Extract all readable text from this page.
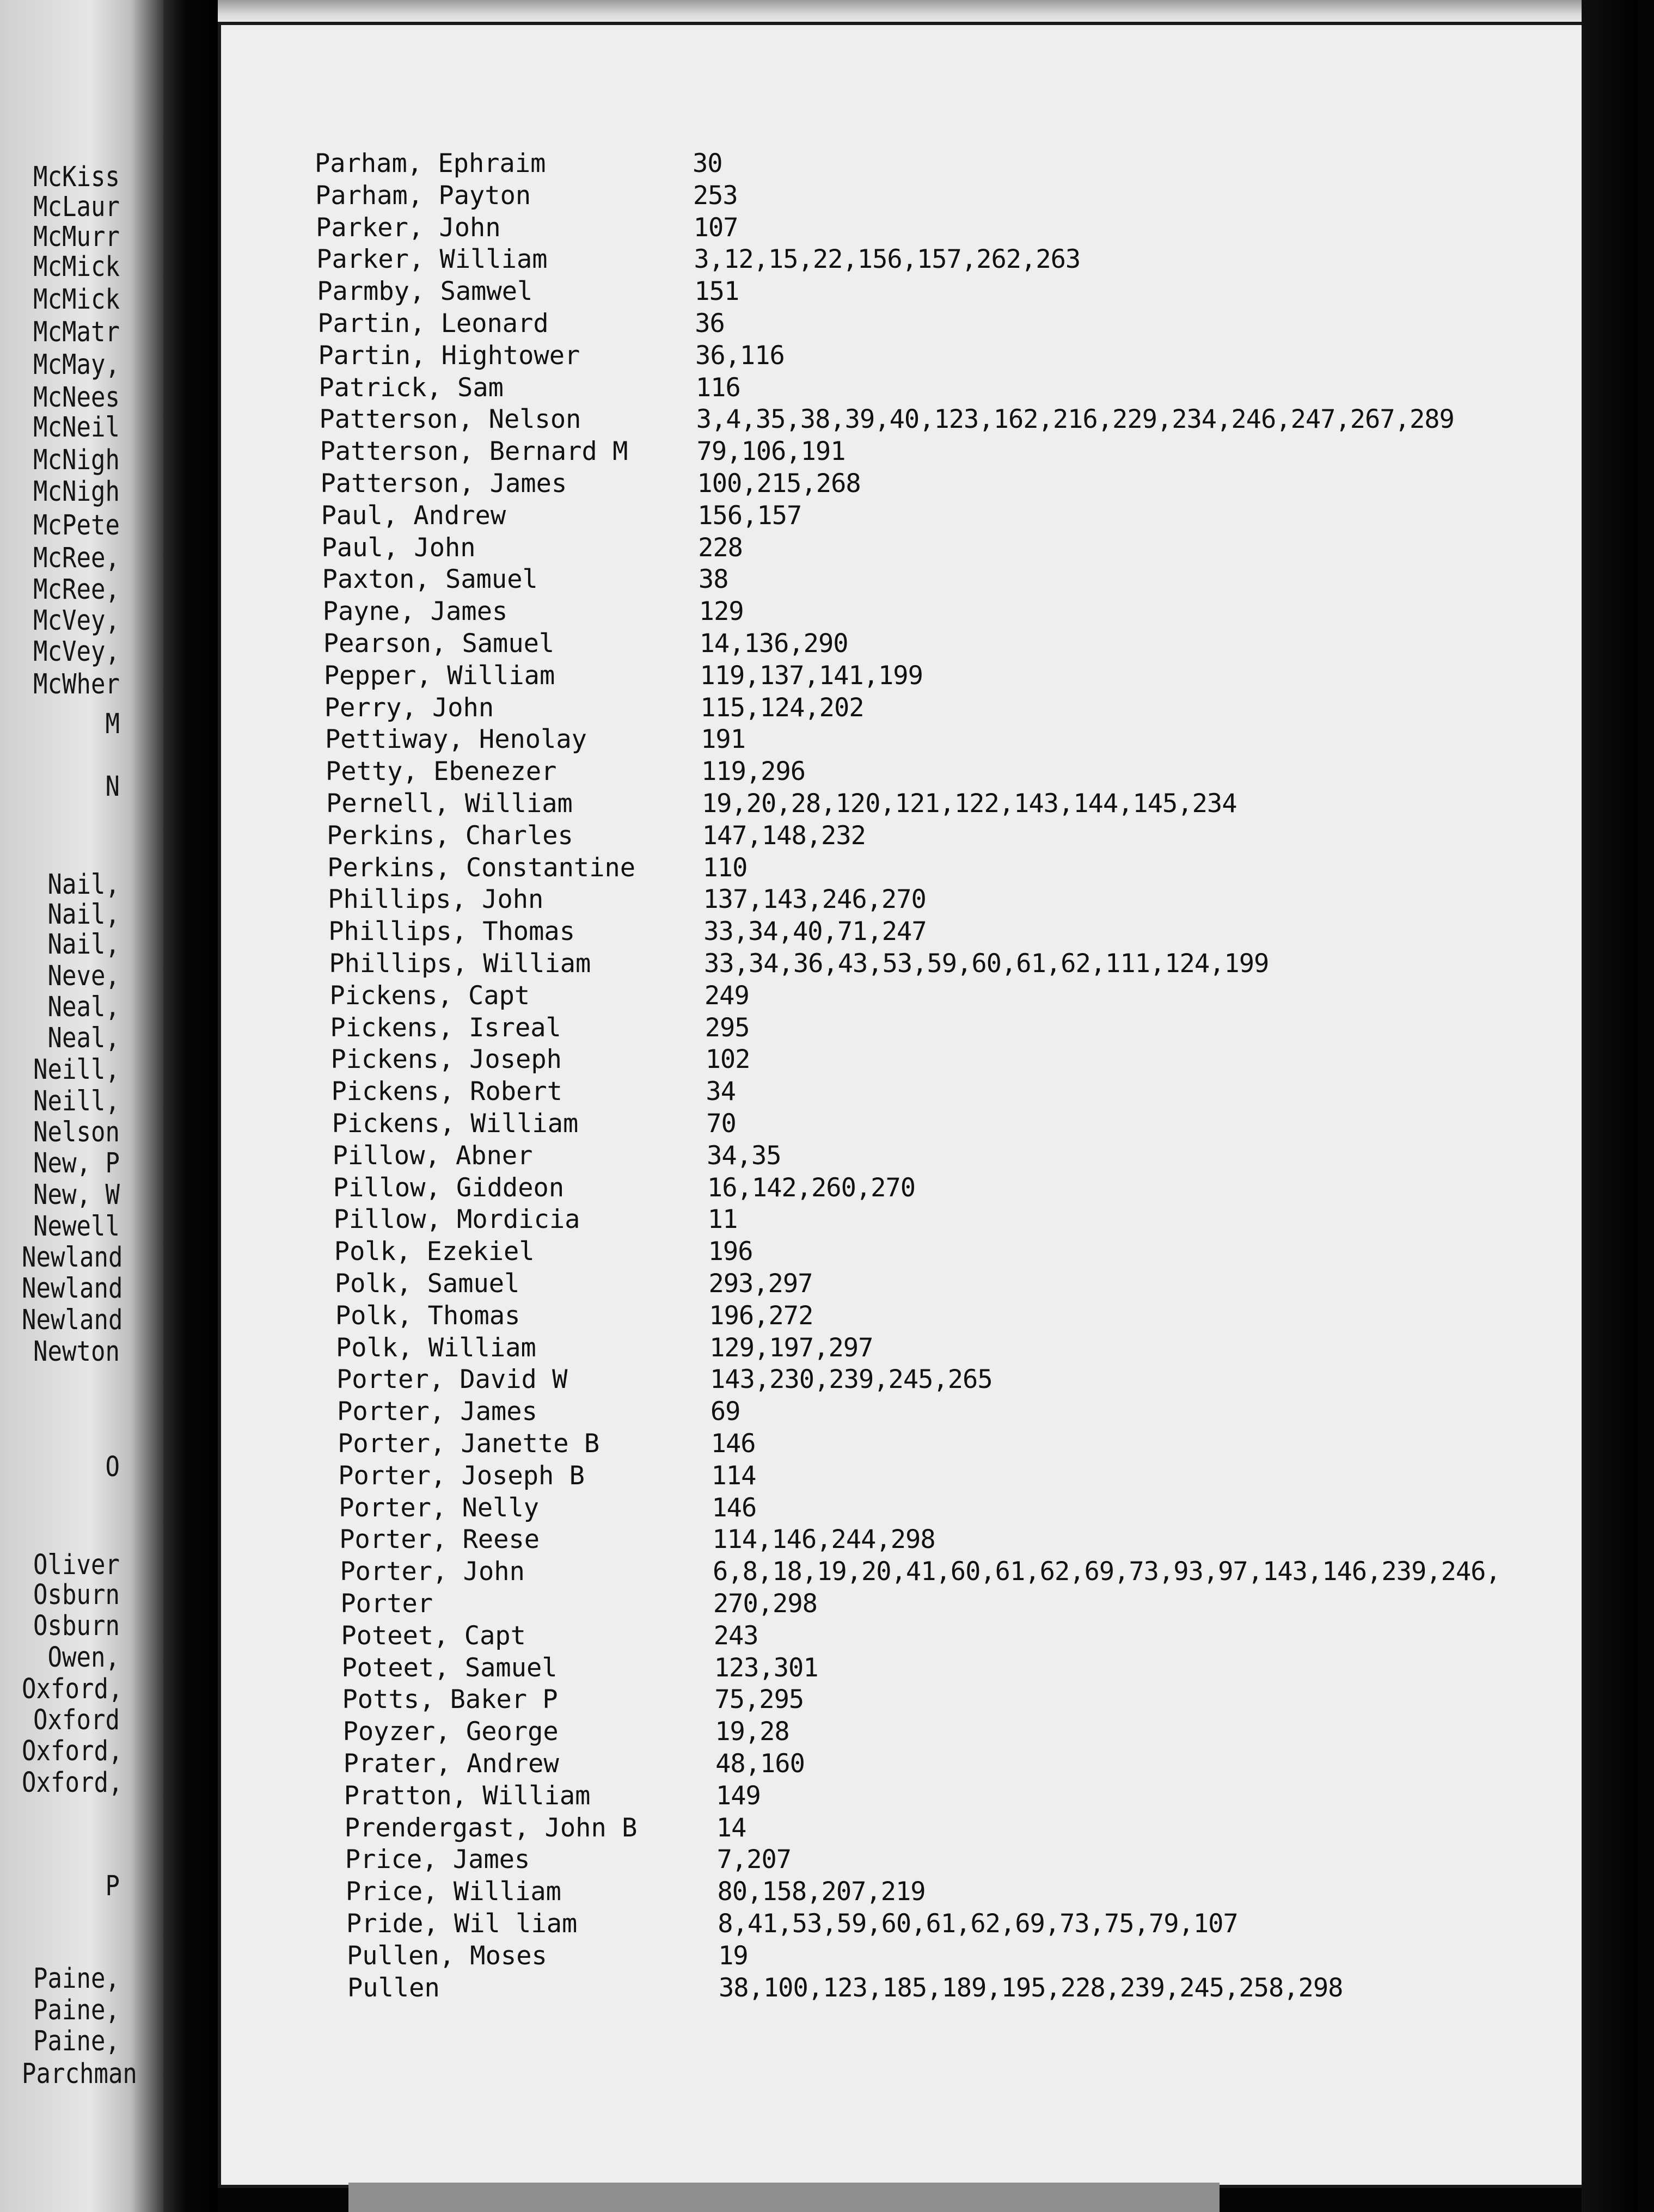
McKiss
McLaur
McMurr
McMick
McMick
McMatr
McMay,
McNees
McNeil
McNigh
McNigh
McPete
McRee,
McRee,
McVey,
McVey,
McWher
M
N
Nail,
Nail,
Nail,
Neve,
Neal,
Neal,
Neill,
Neill,
Nelson
New, P
New, W
Newell
Newland
Newland
Newland
Newton
O
Oliver
Osburn
Osburn
Owen,
Oxford,
Oxford
Oxford,
Oxford,
P
Paine,
Paine,
Paine,
Parchman
Parham, Ephraim	30
Parham, Payton	253
Parker, John	107
Parker, William	3,12,15,22,156,157,262,263
Parmby, Samwel	151
Partin, Leonard	36
Partin, Hightower	36,116
Patrick, Sam	116
Patterson, Nelson	3,4,35,38,39,40,123,162,216,229,234,246,247,267,289
Patterson, Bernard M	79,106,191
Patterson, James	100,215,268
Paul, Andrew	156,157
Paul, John	228
Paxton, Samuel	38
Payne, James	129
Pearson, Samuel	14,136,290
Pepper, William	119,137,141,199
Perry, John	115,124,202
Pettiway, Henolay	191
Petty, Ebenezer	119,296
Pernell, William	19,20,28,120,121,122,143,144,145,234
Perkins, Charles	147,148,232
Perkins, Constantine	110
Phillips, John	137,143,246,270
Phillips, Thomas	33,34,40,71,247
Phillips, William	33,34,36,43,53,59,60,61,62,111,124,199
Pickens, Capt	249
Pickens, Isreal	295
Pickens, Joseph	102
Pickens, Robert	34
Pickens, William	70
Pillow, Abner	34,35
Pillow, Giddeon	16,142,260,270
Pillow, Mordicia	11
Polk, Ezekiel	196
Polk, Samuel	293,297
Polk, Thomas	196,272
Polk, William	129,197,297
Porter, David W	143,230,239,245,265
Porter, James	69
Porter, Janette B	146
Porter, Joseph B	114
Porter, Nelly	146
Porter, Reese	114,146,244,298
Porter, John	6,8,18,19,20,41,60,61,62,69,73,93,97,143,146,239,246,
Porter	270,298
Poteet, Capt	243
Poteet, Samuel	123,301
Potts, Baker P	75,295
Poyzer, George	19,28
Prater, Andrew	48,160
Pratton, William	149
Prendergast, John B	14
Price, James	7,207
Price, William	80,158,207,219
Pride, Wil liam	8,41,53,59,60,61,62,69,73,75,79,107
Pullen, Moses	19
Pullen	38,100,123,185,189,195,228,239,245,258,298
